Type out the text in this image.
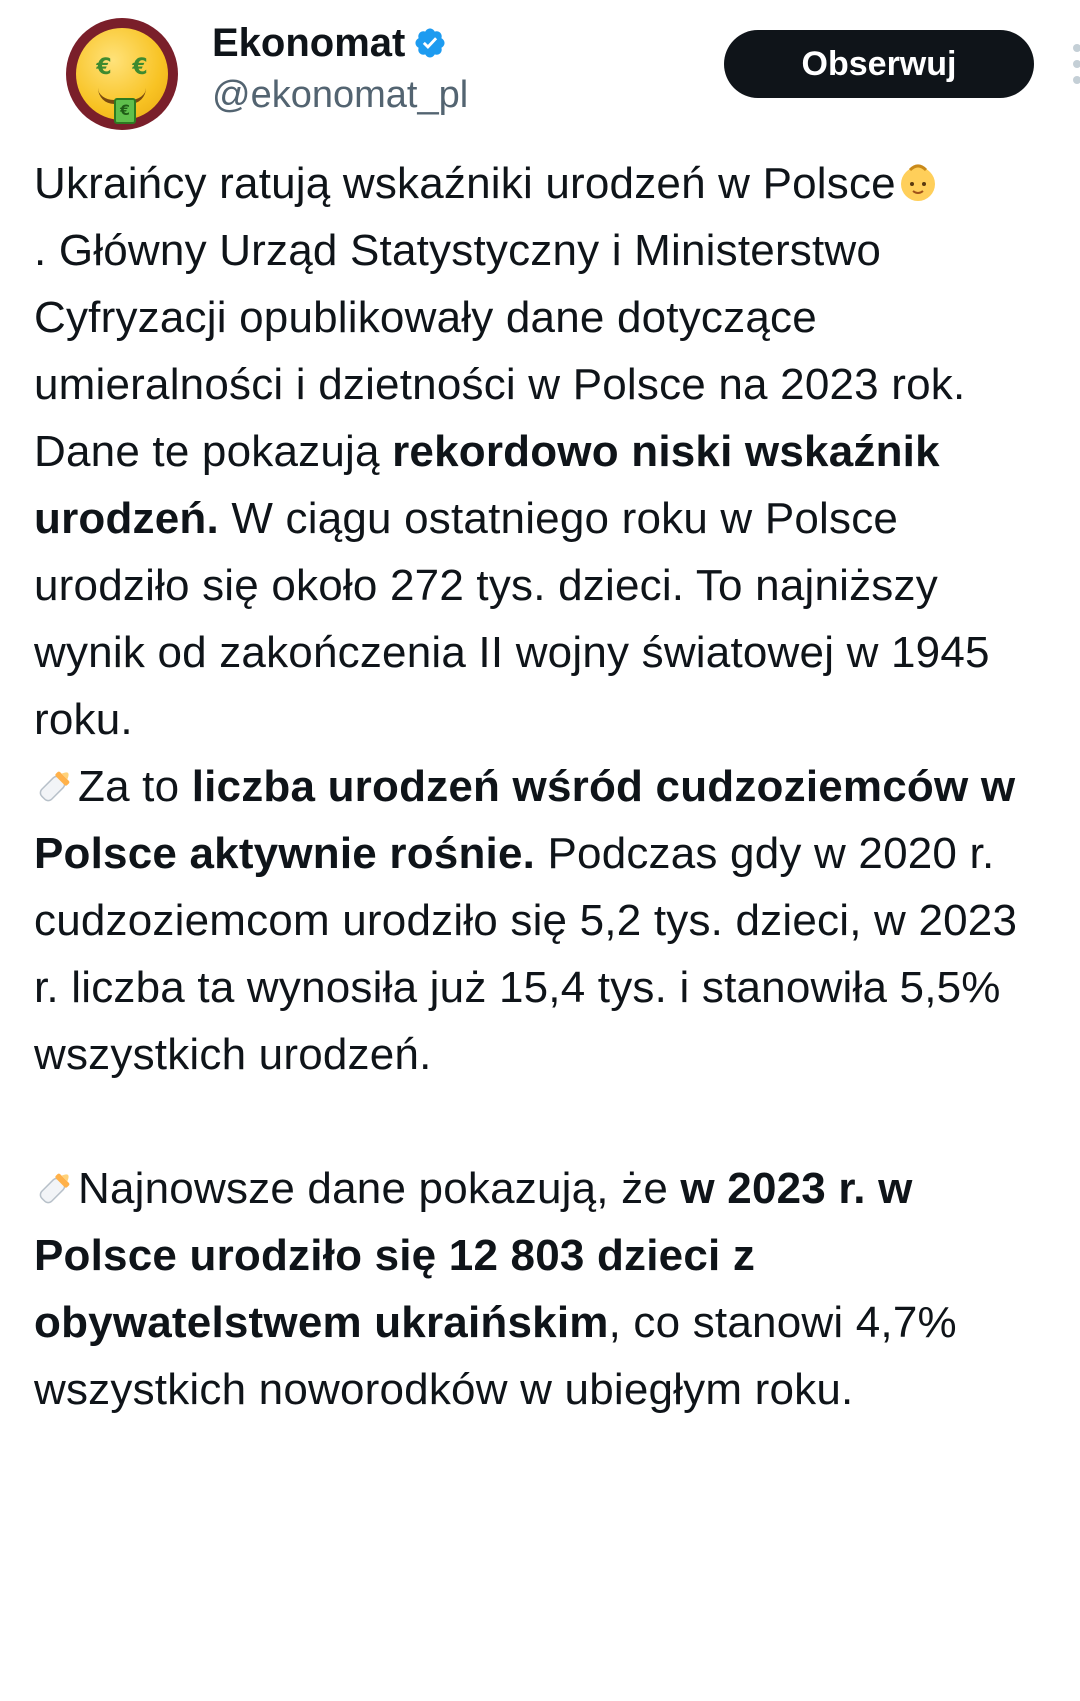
€ €
€
Ekonomat
@ekonomat_pl
Obserwuj

Ukraińcy ratują wskaźniki urodzeń w Polsce

. Główny Urząd Statystyczny i Ministerstwo Cyfryzacji opublikowały dane dotyczące umieralności i dzietności w Polsce na 2023 rok. Dane te pokazują rekordowo niski wskaźnik urodzeń. W ciągu ostatniego roku w Polsce urodziło się około 272 tys. dzieci. To najniższy wynik od zakończenia II wojny światowej w 1945 roku.

Za to liczba urodzeń wśród cudzoziemców w Polsce aktywnie rośnie. Podczas gdy w 2020 r. cudzoziemcom urodziło się 5,2 tys. dzieci, w 2023 r. liczba ta wynosiła już 15,4 tys. i stanowiła 5,5% wszystkich urodzeń.

Najnowsze dane pokazują, że w 2023 r. w Polsce urodziło się 12 803 dzieci z obywatelstwem ukraińskim, co stanowi 4,7% wszystkich noworodków w ubiegłym roku.
